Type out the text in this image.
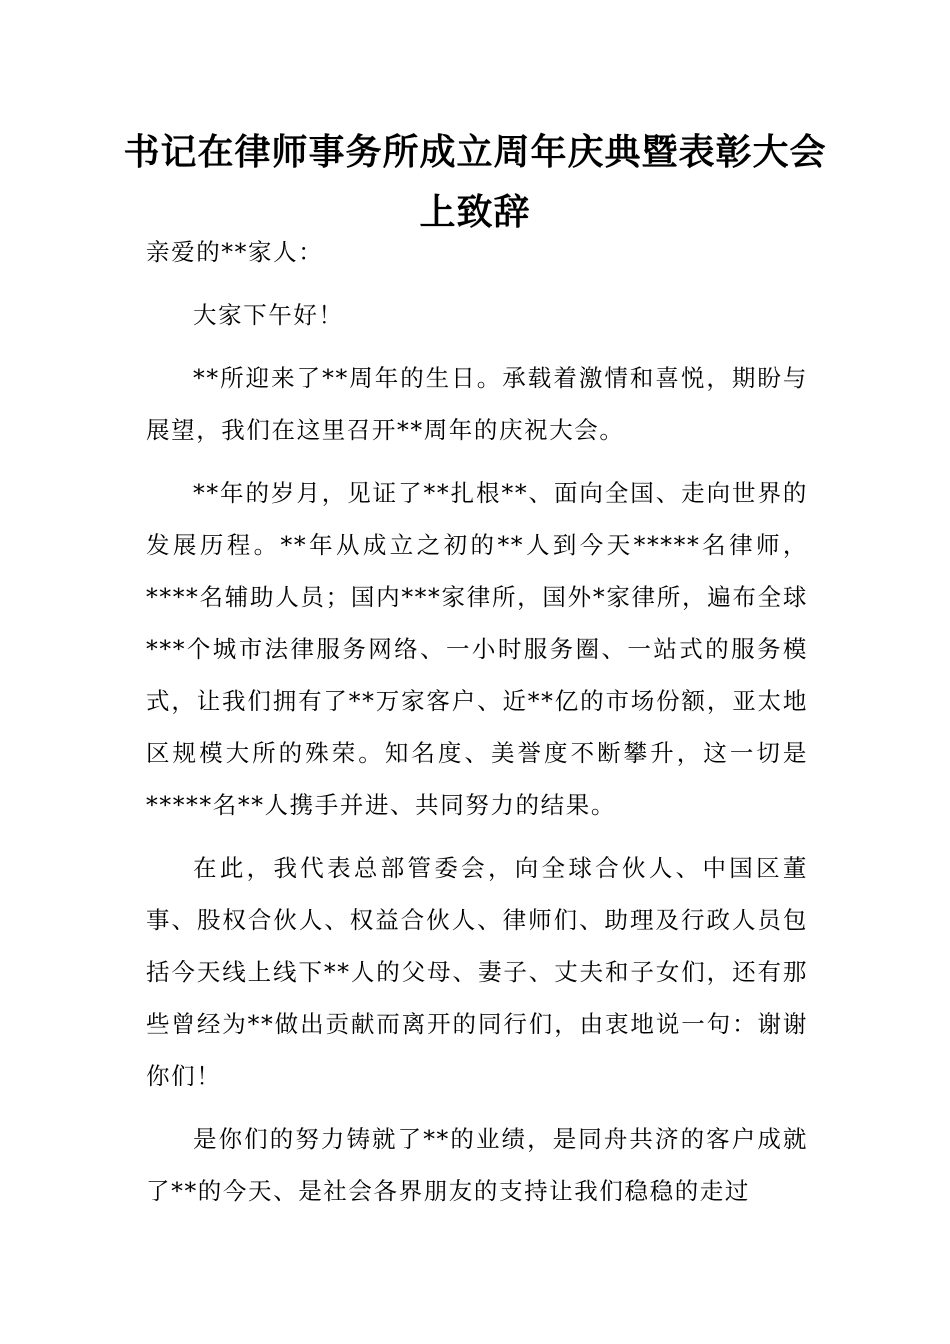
书记在律师事务所成立周年庆典暨表彰大会上致辞

亲爱的**家人：

大家下午好！

**所迎来了**周年的生日。承载着激情和喜悦，期盼与展望，我们在这里召开**周年的庆祝大会。

**年的岁月，见证了**扎根**、面向全国、走向世界的发展历程。**年从成立之初的**人到今天*****名律师，****名辅助人员；国内***家律所，国外*家律所，遍布全球***个城市法律服务网络、一小时服务圈、一站式的服务模式，让我们拥有了**万家客户、近**亿的市场份额，亚太地区规模大所的殊荣。知名度、美誉度不断攀升，这一切是*****名**人携手并进、共同努力的结果。

在此，我代表总部管委会，向全球合伙人、中国区董事、股权合伙人、权益合伙人、律师们、助理及行政人员包括今天线上线下**人的父母、妻子、丈夫和子女们，还有那些曾经为**做出贡献而离开的同行们，由衷地说一句：谢谢你们！

是你们的努力铸就了**的业绩，是同舟共济的客户成就了**的今天、是社会各界朋友的支持让我们稳稳的走过
